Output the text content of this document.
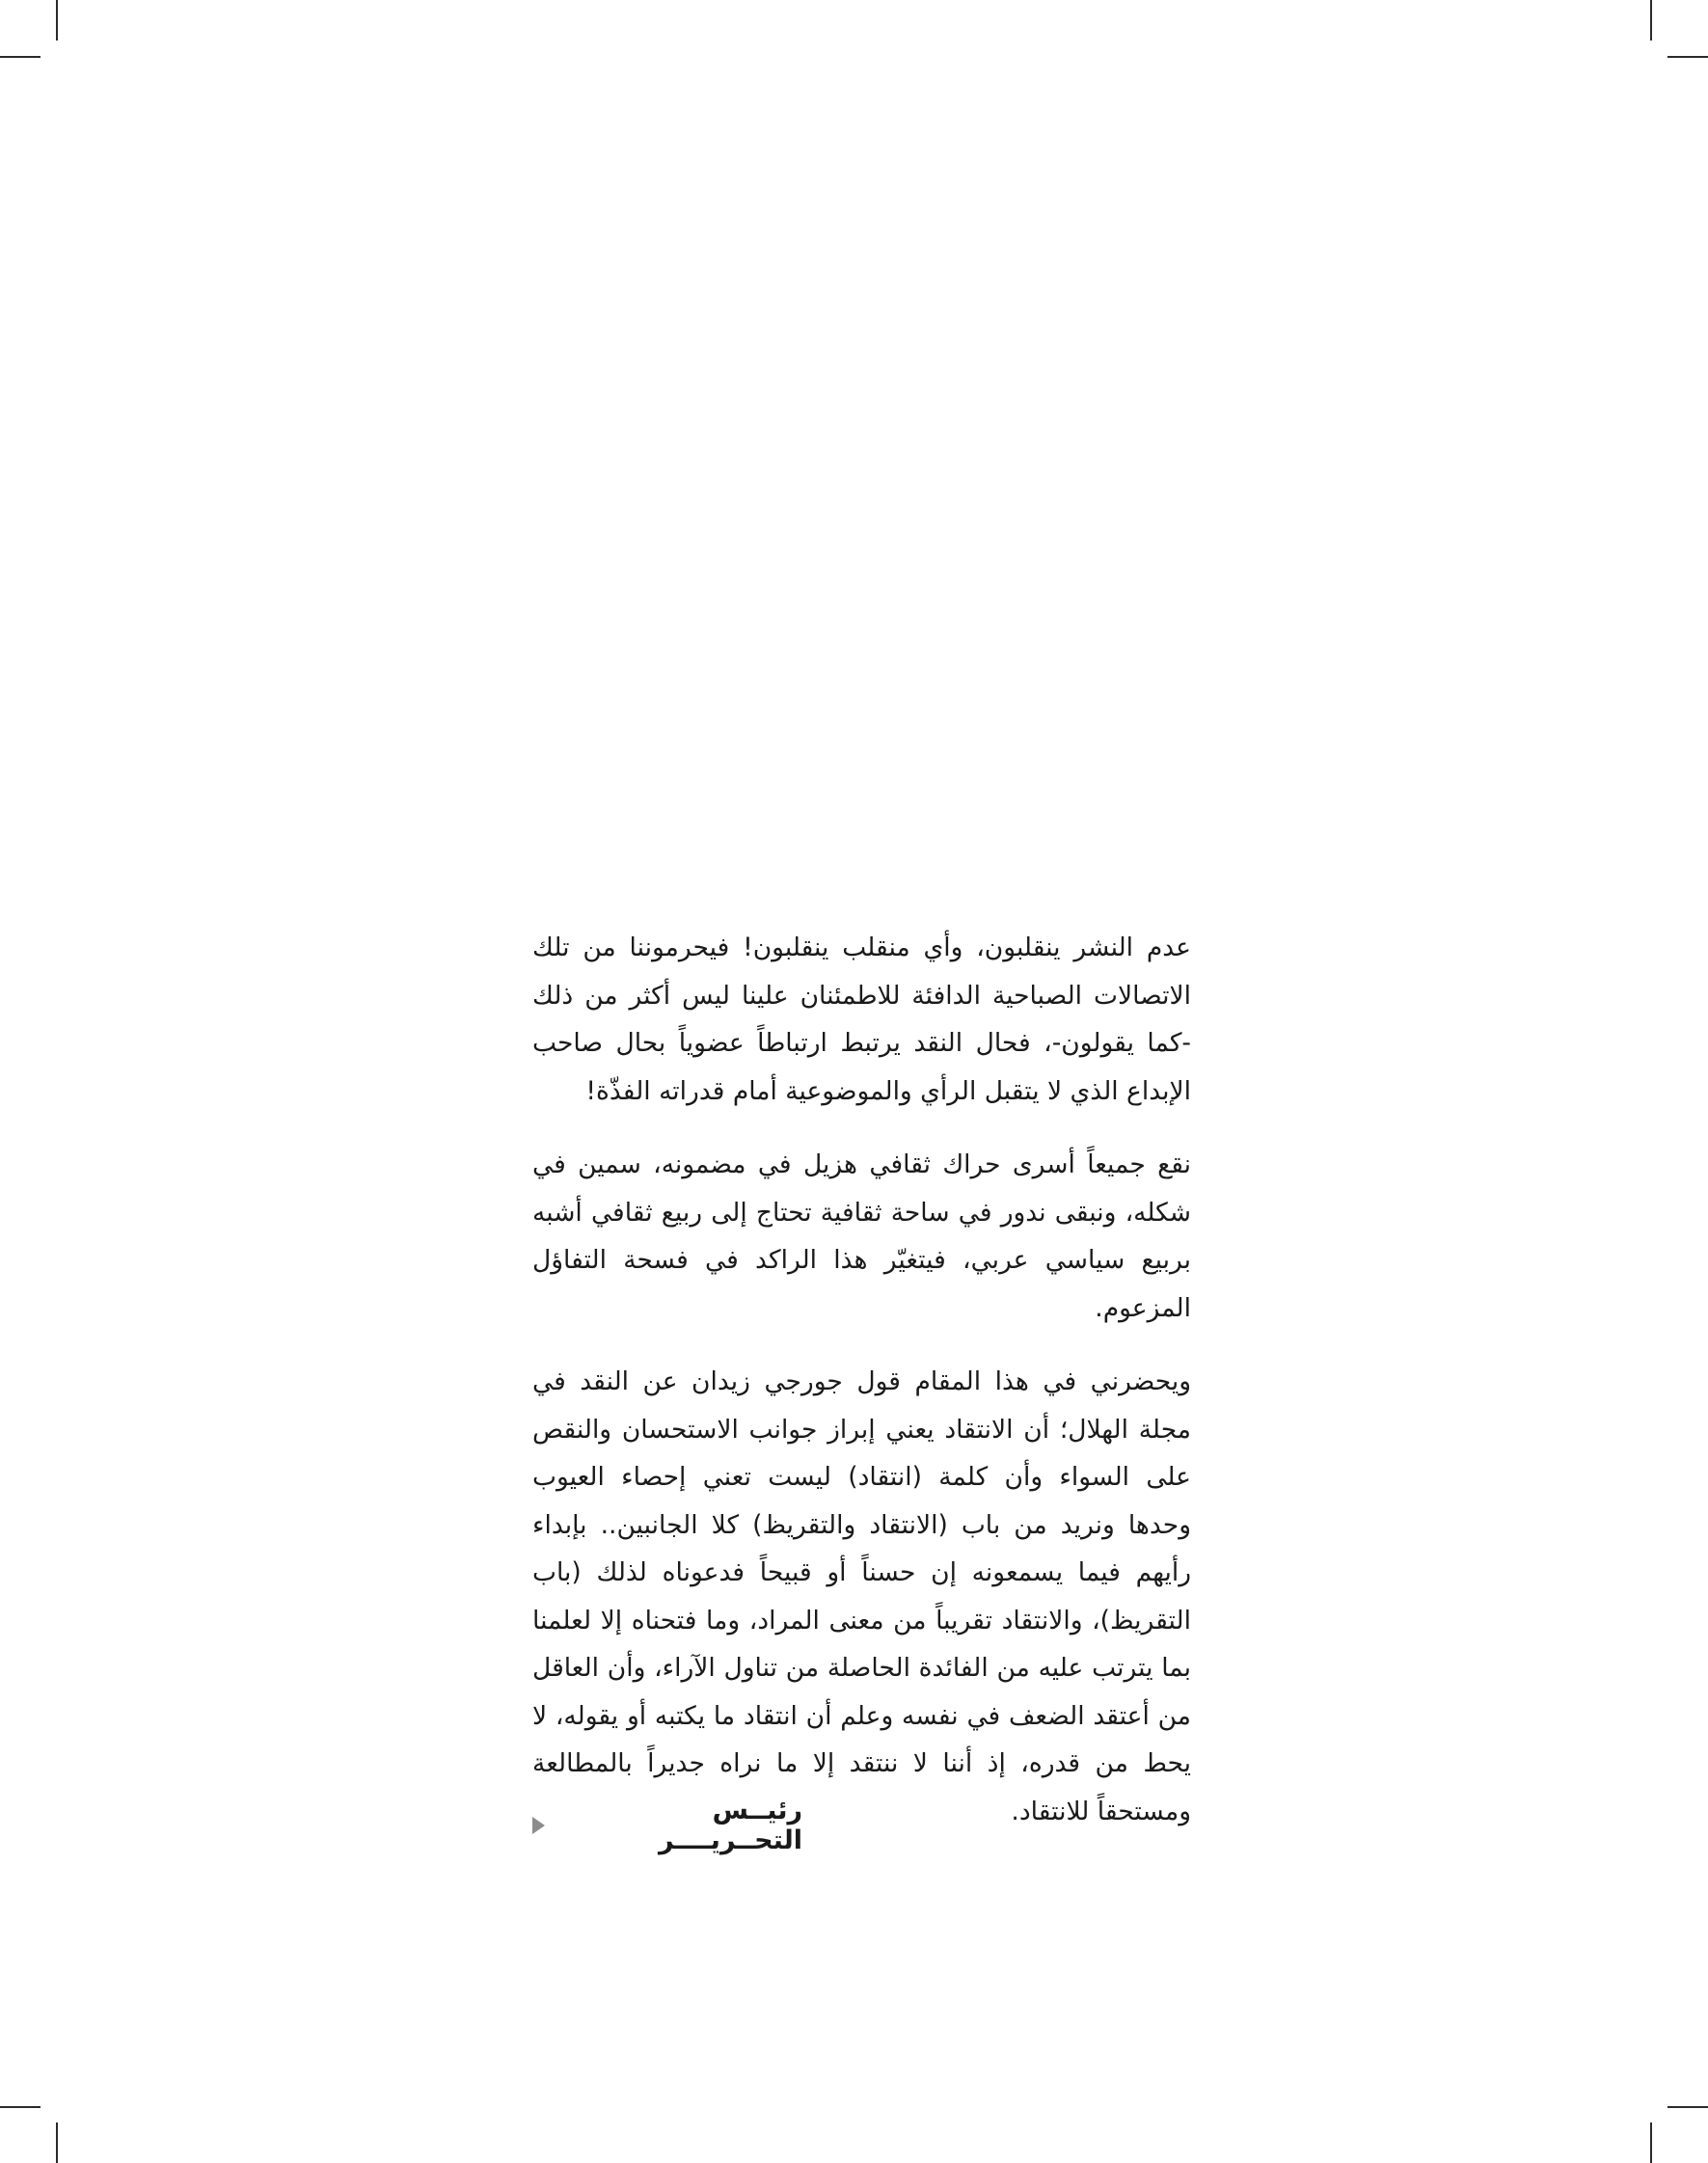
عدم النشر ينقلبون، وأي منقلب ينقلبون! فيحرموننا من تلك الاتصالات الصباحية الدافئة للاطمئنان علينا ليس أكثر من ذلك -كما يقولون-، فحال النقد يرتبط ارتباطاً عضوياً بحال صاحب الإبداع الذي لا يتقبل الرأي والموضوعية أمام قدراته الفذّة!

نقع جميعاً أسرى حراك ثقافي هزيل في مضمونه، سمين في شكله، ونبقى ندور في ساحة ثقافية تحتاج إلى ربيع ثقافي أشبه بربيع سياسي عربي، فيتغيّر هذا الراكد في فسحة التفاؤل المزعوم.

ويحضرني في هذا المقام قول جورجي زيدان عن النقد في مجلة الهلال؛ أن الانتقاد يعني إبراز جوانب الاستحسان والنقص على السواء وأن كلمة (انتقاد) ليست تعني إحصاء العيوب وحدها ونريد من باب (الانتقاد والتقريظ) كلا الجانبين.. بإبداء رأيهم فيما يسمعونه إن حسناً أو قبيحاً فدعوناه لذلك (باب التقريظ)، والانتقاد تقريباً من معنى المراد، وما فتحناه إلا لعلمنا بما يترتب عليه من الفائدة الحاصلة من تناول الآراء، وأن العاقل من أعتقد الضعف في نفسه وعلم أن انتقاد ما يكتبه أو يقوله، لا يحط من قدره، إذ أننا لا ننتقد إلا ما نراه جديراً بالمطالعة ومستحقاً للانتقاد.

رئيــس التحــريــــر
